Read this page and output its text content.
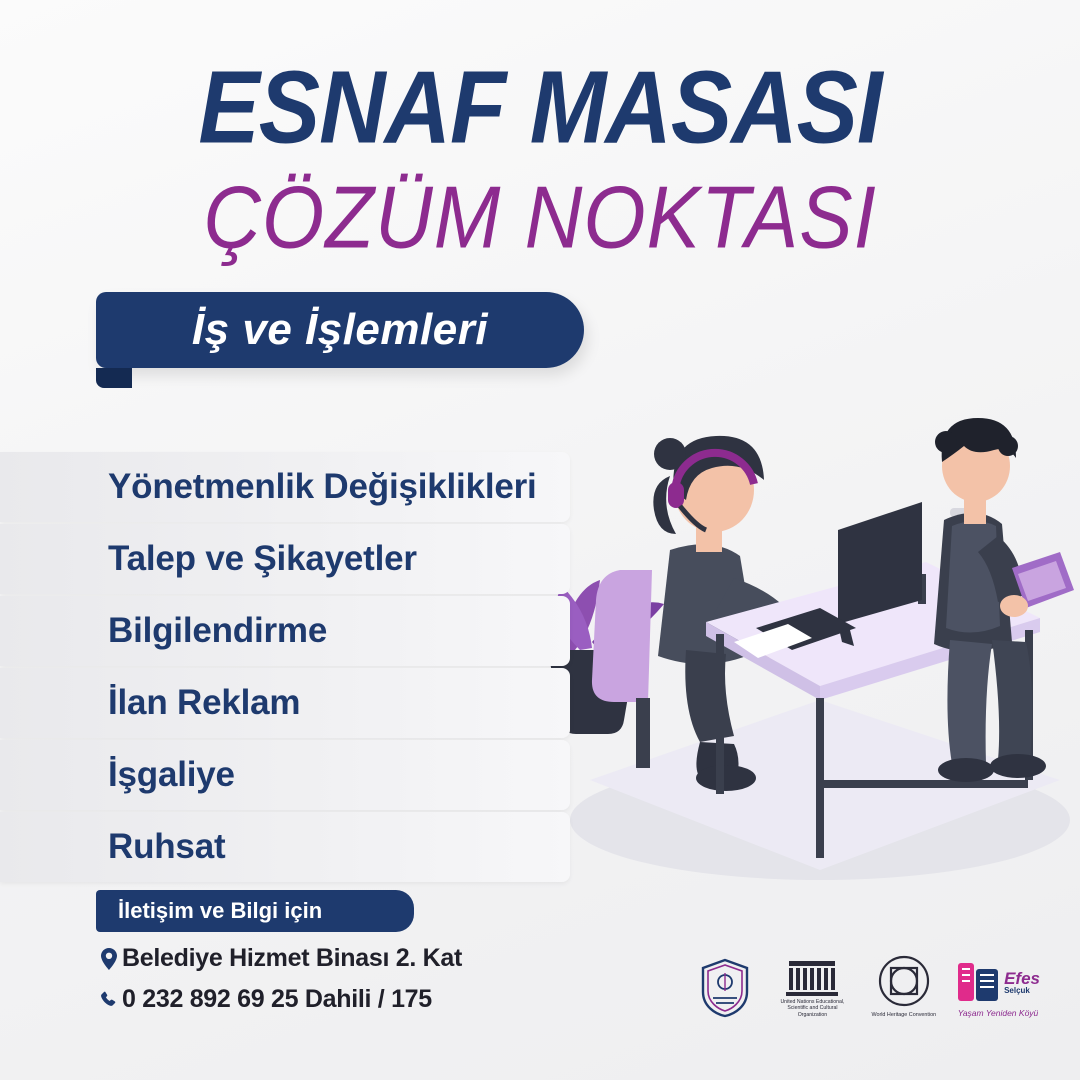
ESNAF MASASI
ÇÖZÜM NOKTASI
İş ve İşlemleri
Yönetmenlik Değişiklikleri
Talep ve Şikayetler
Bilgilendirme
İlan Reklam
İşgaliye
Ruhsat
İletişim ve Bilgi için
Belediye Hizmet Binası 2. Kat
0 232 892 69 25 Dahili / 175	United Nations Educational, Scientific and Cultural Organization	World Heritage Convention
Efes
Selçuk
Yaşam Yeniden Köyü
